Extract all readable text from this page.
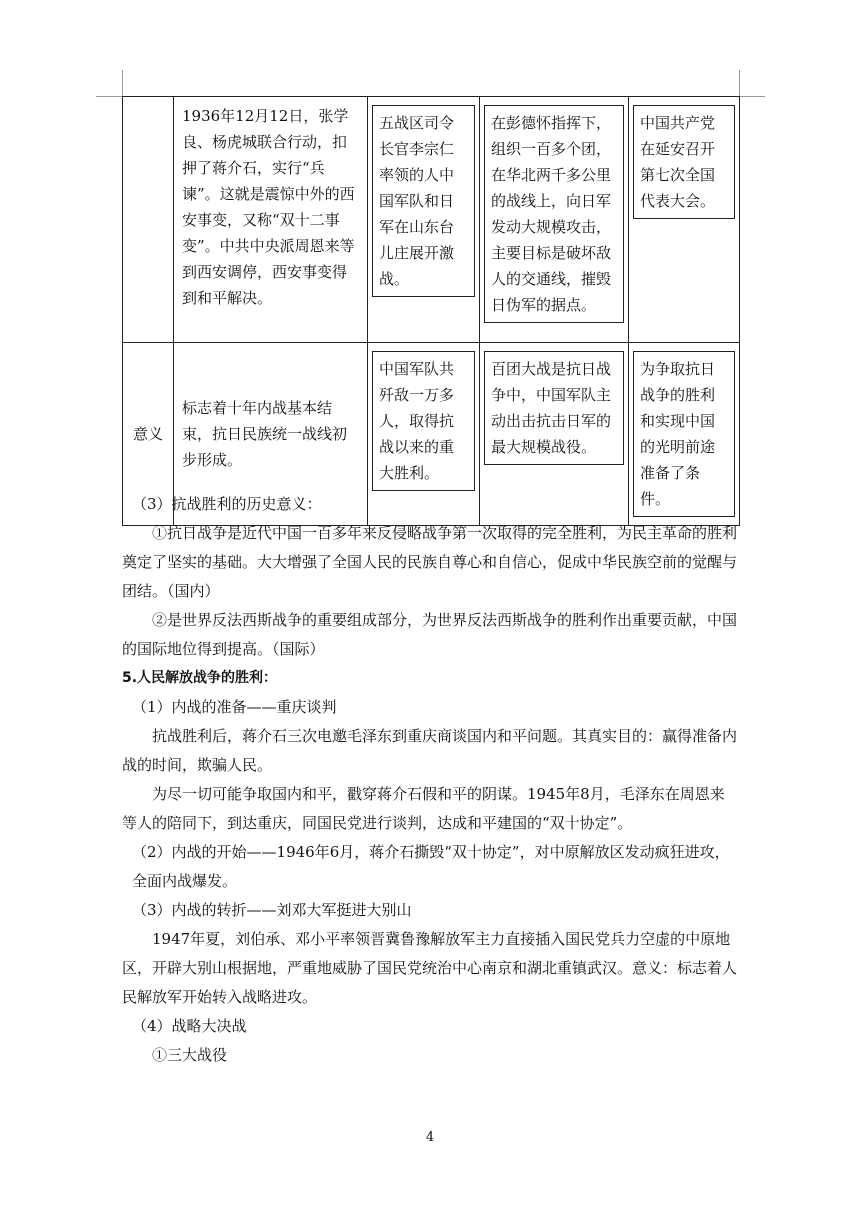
	1936年12月12日，张学良、杨虎城联合行动，扣押了蒋介石，实行“兵谏”。这就是震惊中外的西安事变，又称“双十二事变”。中共中央派周恩来等到西安调停，西安事变得到和平解决。	五战区司令长官李宗仁率领的人中国军队和日军在山东台儿庄展开激战。	在彭德怀指挥下，组织一百多个团，在华北两千多公里的战线上，向日军发动大规模攻击，主要目标是破坏敌人的交通线，摧毁日伪军的据点。	中国共产党在延安召开第七次全国代表大会。

意义	标志着十年内战基本结束，抗日民族统一战线初步形成。	中国军队共歼敌一万多人，取得抗战以来的重大胜利。	百团大战是抗日战争中，中国军队主动出击抗击日军的最大规模战役。	为争取抗日战争的胜利和实现中国的光明前途准备了条件。

（3）抗战胜利的历史意义：

①抗日战争是近代中国一百多年来反侵略战争第一次取得的完全胜利，为民主革命的胜利奠定了坚实的基础。大大增强了全国人民的民族自尊心和自信心，促成中华民族空前的觉醒与团结。（国内）

②是世界反法西斯战争的重要组成部分，为世界反法西斯战争的胜利作出重要贡献，中国的国际地位得到提高。（国际）

5.人民解放战争的胜利：

（1）内战的准备——重庆谈判

抗战胜利后，蒋介石三次电邀毛泽东到重庆商谈国内和平问题。其真实目的：赢得准备内战的时间，欺骗人民。

为尽一切可能争取国内和平，戳穿蒋介石假和平的阴谋。1945年8月，毛泽东在周恩来等人的陪同下，到达重庆，同国民党进行谈判，达成和平建国的“双十协定”。

（2）内战的开始——1946年6月，蒋介石撕毁“双十协定”，对中原解放区发动疯狂进攻，全面内战爆发。

（3）内战的转折——刘邓大军挺进大别山

1947年夏，刘伯承、邓小平率领晋冀鲁豫解放军主力直接插入国民党兵力空虚的中原地区，开辟大别山根据地，严重地威胁了国民党统治中心南京和湖北重镇武汉。意义：标志着人民解放军开始转入战略进攻。

（4）战略大决战

①三大战役

4
